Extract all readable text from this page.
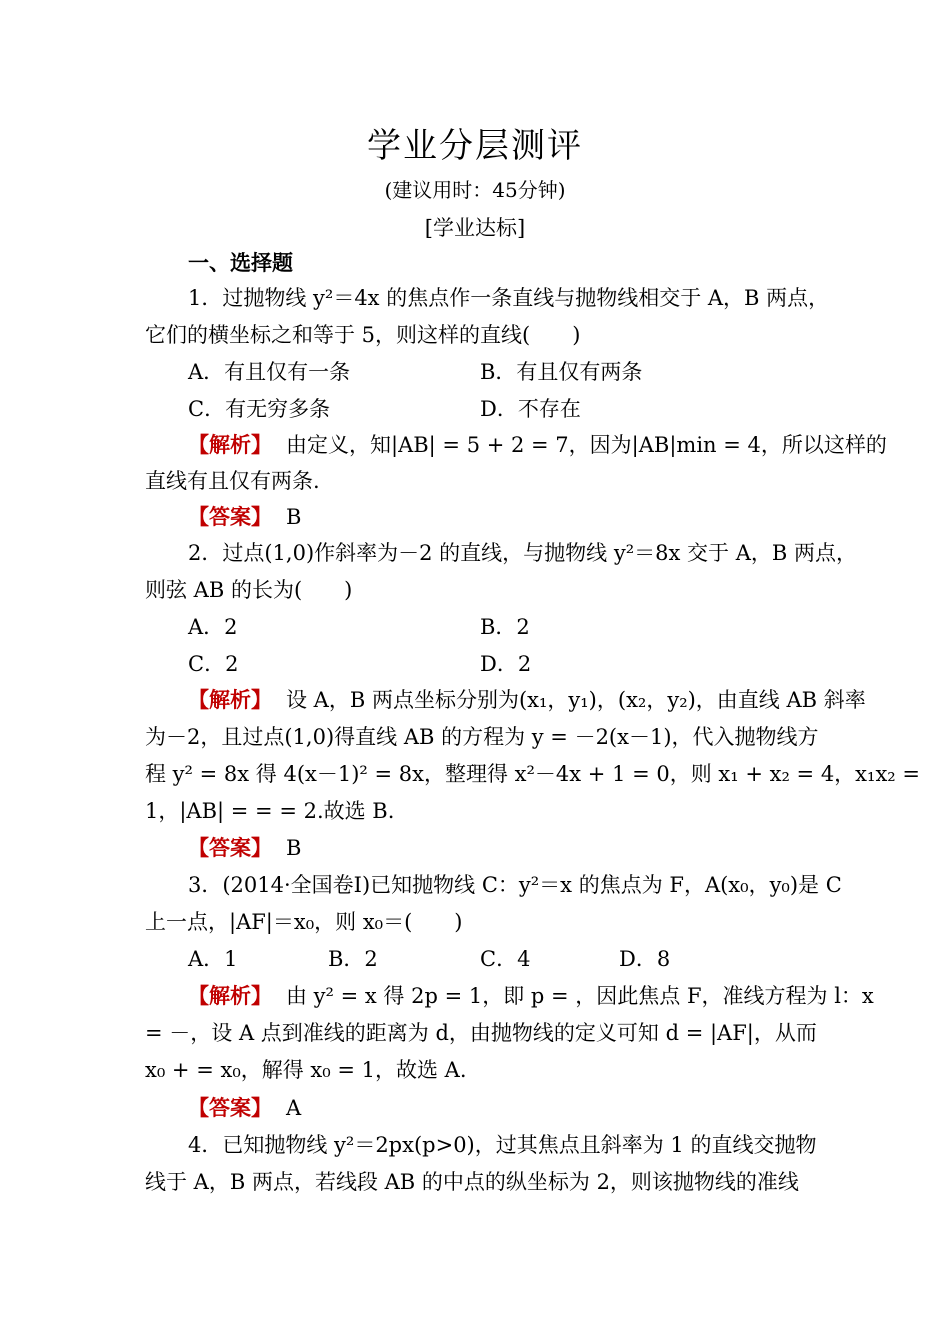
学业分层测评
(建议用时：45分钟)
[学业达标]
一、选择题
1．过抛物线 y²＝4x 的焦点作一条直线与抛物线相交于 A，B 两点，
它们的横坐标之和等于 5，则这样的直线(　　)
A．有且仅有一条	B．有且仅有两条
C．有无穷多条	D．不存在
【解析】 由定义，知|AB| = 5 + 2 = 7，因为|AB|min = 4，所以这样的
直线有且仅有两条.
【答案】 B
2．过点(1,0)作斜率为－2 的直线，与抛物线 y²＝8x 交于 A，B 两点，
则弦 AB 的长为(　　)
A．2	B．2
C．2	D．2
【解析】 设 A，B 两点坐标分别为(x₁，y₁)，(x₂，y₂)，由直线 AB 斜率
为－2，且过点(1,0)得直线 AB 的方程为 y = －2(x－1)，代入抛物线方
程 y² = 8x 得 4(x－1)² = 8x，整理得 x²－4x + 1 = 0，则 x₁ + x₂ = 4，x₁x₂ =
1，|AB| = = = 2.故选 B.
【答案】 B
3．(2014·全国卷Ⅰ)已知抛物线 C：y²＝x 的焦点为 F，A(x₀，y₀)是 C
上一点，|AF|＝x₀，则 x₀＝(　　)
A．1	B．2	C．4	D．8
【解析】 由 y² = x 得 2p = 1，即 p = ，因此焦点 F，准线方程为 l：x
= －，设 A 点到准线的距离为 d，由抛物线的定义可知 d = |AF|，从而
x₀ + = x₀，解得 x₀ = 1，故选 A.
【答案】 A
4．已知抛物线 y²＝2px(p>0)，过其焦点且斜率为 1 的直线交抛物
线于 A，B 两点，若线段 AB 的中点的纵坐标为 2，则该抛物线的准线
